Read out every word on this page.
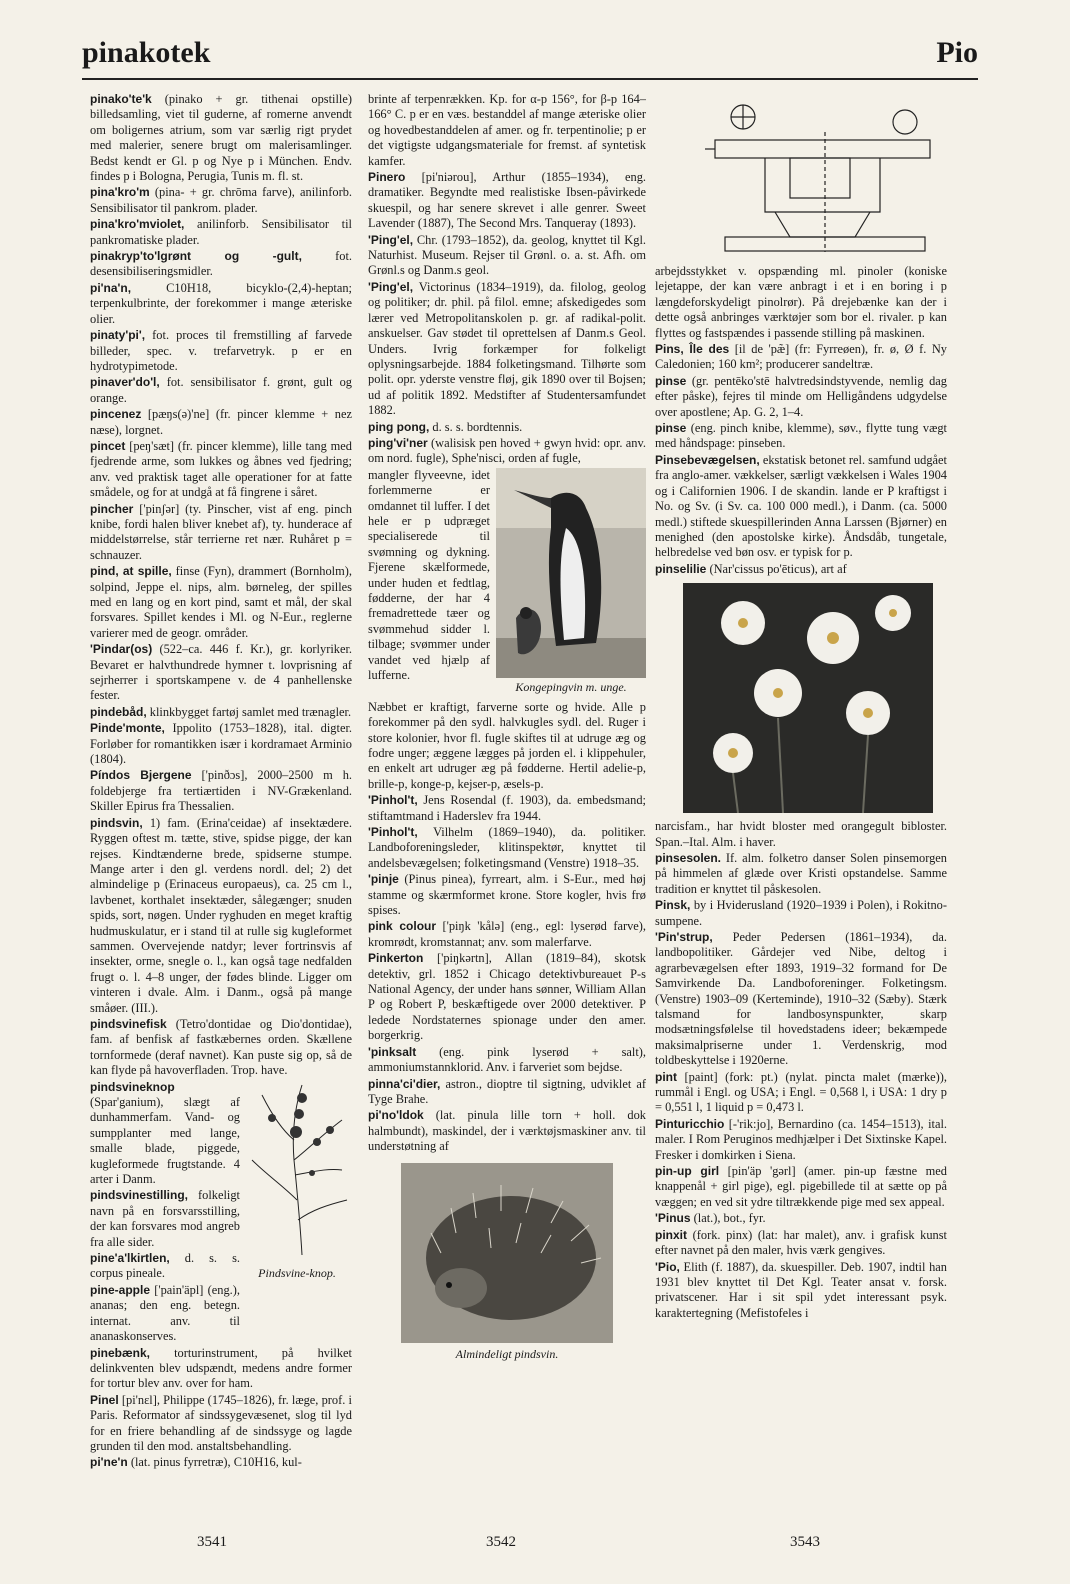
pinakotek	Pio
pinako'te'k (pinako + gr. tithenai opstille) billedsamling, viet til guderne, af romerne anvendt om boligernes atrium, som var særlig rigt prydet med malerier, senere brugt om malerisamlinger. Bedst kendt er Gl. p og Nye p i München. Endv. findes p i Bologna, Perugia, Tunis m. fl. st.
pina'kro'm (pina- + gr. chrōma farve), anilinforb. Sensibilisator til pankrom. plader.
pina'kro'mviolet, anilinforb. Sensibilisator til pankromatiske plader.
pinakryp'to'lgrønt og -gult, fot. desensibiliseringsmidler.
pi'na'n, C10H18, bicyklo-(2,4)-heptan; terpenkulbrinte, der forekommer i mange æteriske olier.
pinaty'pi', fot. proces til fremstilling af farvede billeder, spec. v. trefarvetryk. p er en hydrotypimetode.
pinaver'do'l, fot. sensibilisator f. grønt, gult og orange.
pincenez [pæŋs(ə)'ne] (fr. pincer klemme + nez næse), lorgnet.
pincet [peŋ'sæt] (fr. pincer klemme), lille tang med fjedrende arme, som lukkes og åbnes ved fjedring; anv. ved praktisk taget alle operationer for at fatte smådele, og for at undgå at få fingrene i såret.
pincher ['pinʃər] (ty. Pinscher, vist af eng. pinch knibe, fordi halen bliver knebet af), ty. hunderace af middelstørrelse, står terrierne ret nær. Ruhåret p = schnauzer.
pind, at spille, finse (Fyn), drammert (Bornholm), solpind, Jeppe el. nips, alm. børneleg, der spilles med en lang og en kort pind, samt et mål, der skal forsvares. Spillet kendes i Ml. og N-Eur., reglerne varierer med de geogr. områder.
'Pindar(os) (522–ca. 446 f. Kr.), gr. korlyriker. Bevaret er halvthundrede hymner t. lovprisning af sejrherrer i sportskampene v. de 4 panhellenske fester.
pindebåd, klinkbygget fartøj samlet med trænagler.
Pinde'monte, Ippolito (1753–1828), ital. digter. Forløber for romantikken især i kordramaet Arminio (1804).
Píndos Bjergene ['pinðɔs], 2000–2500 m h. foldebjerge fra tertiærtiden i NV-Grækenland. Skiller Epirus fra Thessalien.
pindsvin, 1) fam. (Erina'ceidae) af insektædere. Ryggen oftest m. tætte, stive, spidse pigge, der kan rejses. Kindtænderne brede, spidserne stumpe. Mange arter i den gl. verdens nordl. del; 2) det almindelige p (Erinaceus europaeus), ca. 25 cm l., lavbenet, korthalet insektæder, sålegænger; snuden spids, sort, nøgen. Under ryghuden en meget kraftig hudmuskulatur, er i stand til at rulle sig kugleformet sammen. Overvejende natdyr; lever fortrinsvis af insekter, orme, snegle o. l., kan også tage nedfalden frugt o. l. 4–8 unger, der fødes blinde. Ligger om vinteren i dvale. Alm. i Danm., også på mange småøer. (III.).
pindsvinefisk (Tetro'dontidae og Dio'dontidae), fam. af benfisk af fastkæbernes orden. Skællene tornformede (deraf navnet). Kan puste sig op, så de kan flyde på havoverfladen. Trop. have.
pindsvineknop (Spar'ganium), slægt af dunhammerfam. Vand- og sumpplanter med lange, smalle blade, piggede, kugleformede frugtstande. 4 arter i Danm.
pindsvinestilling, folkeligt navn på en forsvarsstilling, der kan forsvares mod angreb fra alle sider.
pine'a'lkirtlen, d. s. s. corpus pineale.
pine-apple ['pain'äpl] (eng.), ananas; den eng. betegn. internat. anv. til ananaskonserves.
Pindsvine-knop.
pinebænk, torturinstrument, på hvilket delinkventen blev udspændt, medens andre former for tortur blev anv. over for ham.
Pinel [pi'nɛl], Philippe (1745–1826), fr. læge, prof. i Paris. Reformator af sindssygevæsenet, slog til lyd for en friere behandling af de sindssyge og lagde grunden til den mod. anstaltsbehandling.
pi'ne'n (lat. pinus fyrretræ), C10H16, kul-
brinte af terpenrækken. Kp. for α-p 156°, for β-p 164–166° C. p er en væs. bestanddel af mange æteriske olier og hovedbestanddelen af amer. og fr. terpentinolie; p er det vigtigste udgangsmateriale for fremst. af syntetisk kamfer.
Pinero [pi'niərou], Arthur (1855–1934), eng. dramatiker. Begyndte med realistiske Ibsen-påvirkede skuespil, og har senere skrevet i alle genrer. Sweet Lavender (1887), The Second Mrs. Tanqueray (1893).
'Ping'el, Chr. (1793–1852), da. geolog, knyttet til Kgl. Naturhist. Museum. Rejser til Grønl. o. a. st. Afh. om Grønl.s og Danm.s geol.
'Ping'el, Victorinus (1834–1919), da. filolog, geolog og politiker; dr. phil. på filol. emne; afskedigedes som lærer ved Metropolitanskolen p. gr. af radikal-polit. anskuelser. Gav stødet til oprettelsen af Danm.s Geol. Unders. Ivrig forkæmper for folkeligt oplysningsarbejde. 1884 folketingsmand. Tilhørte som polit. opr. yderste venstre fløj, gik 1890 over til Bojsen; ud af politik 1892. Medstifter af Studentersamfundet 1882.
ping pong, d. s. s. bordtennis.
ping'vi'ner (walisisk pen hoved + gwyn hvid: opr. anv. om nord. fugle), Sphe'nisci, orden af fugle,
mangler flyveevne, idet forlemmerne er omdannet til luffer. I det hele er p udpræget specialiserede til svømning og dykning. Fjerene skælformede, under huden et fedtlag, fødderne, der har 4 fremadrettede tæer og svømmehud sidder l. tilbage; svømmer under vandet ved hjælp af lufferne.
Kongepingvin m. unge.
Næbbet er kraftigt, farverne sorte og hvide. Alle p forekommer på den sydl. halvkugles sydl. del. Ruger i store kolonier, hvor fl. fugle skiftes til at udruge æg og fodre unger; æggene lægges på jorden el. i klippehuler, en enkelt art udruger æg på fødderne. Hertil adelie-p, brille-p, konge-p, kejser-p, æsels-p.
'Pinhol't, Jens Rosendal (f. 1903), da. embedsmand; stiftamtmand i Haderslev fra 1944.
'Pinhol't, Vilhelm (1869–1940), da. politiker. Landboforeningsleder, klitinspektør, knyttet til andelsbevægelsen; folketingsmand (Venstre) 1918–35.
'pinje (Pinus pinea), fyrreart, alm. i S-Eur., med høj stamme og skærmformet krone. Store kogler, hvis frø spises.
pink colour ['piŋk 'kålə] (eng., egl: lyserød farve), kromrødt, kromstannat; anv. som malerfarve.
Pinkerton ['piŋkərtn], Allan (1819–84), skotsk detektiv, grl. 1852 i Chicago detektivbureauet P-s National Agency, der under hans sønner, William Allan P og Robert P, beskæftigede over 2000 detektiver. P ledede Nordstaternes spionage under den amer. borgerkrig.
'pinksalt (eng. pink lyserød + salt), ammoniumstannklorid. Anv. i farveriet som bejdse.
pinna'ci'dier, astron., dioptre til sigtning, udviklet af Tyge Brahe.
pi'no'ldok (lat. pinula lille torn + holl. dok halmbundt), maskindel, der i værktøjsmaskiner anv. til understøtning af
Almindeligt pindsvin.
arbejdsstykket v. opspænding ml. pinoler (koniske lejetappe, der kan være anbragt i et i en boring i p længdeforskydeligt pinolrør). På drejebænke kan der i dette også anbringes værktøjer som bor el. rivaler. p kan flyttes og fastspændes i passende stilling på maskinen.
Pins, Île des [il de 'pæ̃] (fr: Fyrreøen), fr. ø, Ø f. Ny Caledonien; 160 km²; producerer sandeltræ.
pinse (gr. pentēko'stē halvtredsindstyvende, nemlig dag efter påske), fejres til minde om Helligåndens udgydelse over apostlene; Ap. G. 2, 1–4.
pinse (eng. pinch knibe, klemme), søv., flytte tung vægt med håndspage: pinseben.
Pinsebevægelsen, ekstatisk betonet rel. samfund udgået fra anglo-amer. vækkelser, særligt vækkelsen i Wales 1904 og i Californien 1906. I de skandin. lande er P kraftigst i No. og Sv. (i Sv. ca. 100 000 medl.), i Danm. (ca. 5000 medl.) stiftede skuespillerinden Anna Larssen (Bjørner) en menighed (den apostolske kirke). Åndsdåb, tungetale, helbredelse ved bøn osv. er typisk for p.
pinselilie (Nar'cissus po'ēticus), art af
narcisfam., har hvidt bloster med orangegult bibloster. Span.–Ital. Alm. i haver.
pinsesolen. If. alm. folketro danser Solen pinsemorgen på himmelen af glæde over Kristi opstandelse. Samme tradition er knyttet til påskesolen.
Pinsk, by i Hviderusland (1920–1939 i Polen), i Rokitno-sumpene.
'Pin'strup, Peder Pedersen (1861–1934), da. landbopolitiker. Gårdejer ved Nibe, deltog i agrarbevægelsen efter 1893, 1919–32 formand for De Samvirkende Da. Landboforeninger. Folketingsm.(Venstre) 1903–09 (Kerteminde), 1910–32 (Sæby). Stærk talsmand for landbosynspunkter, skarp modsætningsfølelse til hovedstadens ideer; bekæmpede maksimalpriserne under 1. Verdenskrig, mod toldbeskyttelse i 1920erne.
pint [paint] (fork: pt.) (nylat. pincta malet (mærke)), rummål i Engl. og USA; i Engl. = 0,568 l, i USA: 1 dry p = 0,551 l, 1 liquid p = 0,473 l.
Pinturicchio [-'rik:jo], Bernardino (ca. 1454–1513), ital. maler. I Rom Peruginos medhjælper i Det Sixtinske Kapel. Fresker i domkirken i Siena.
pin-up girl [pin'äp 'gərl] (amer. pin-up fæstne med knappenål + girl pige), egl. pigebillede til at sætte op på væggen; en ved sit ydre tiltrækkende pige med sex appeal.
'Pinus (lat.), bot., fyr.
pinxit (fork. pinx) (lat: har malet), anv. i grafisk kunst efter navnet på den maler, hvis værk gengives.
'Pio, Elith (f. 1887), da. skuespiller. Deb. 1907, indtil han 1931 blev knyttet til Det Kgl. Teater ansat v. forsk. privatscener. Har i sit spil ydet interessant psyk. karaktertegning (Mefistofeles i
3541	3542	3543
